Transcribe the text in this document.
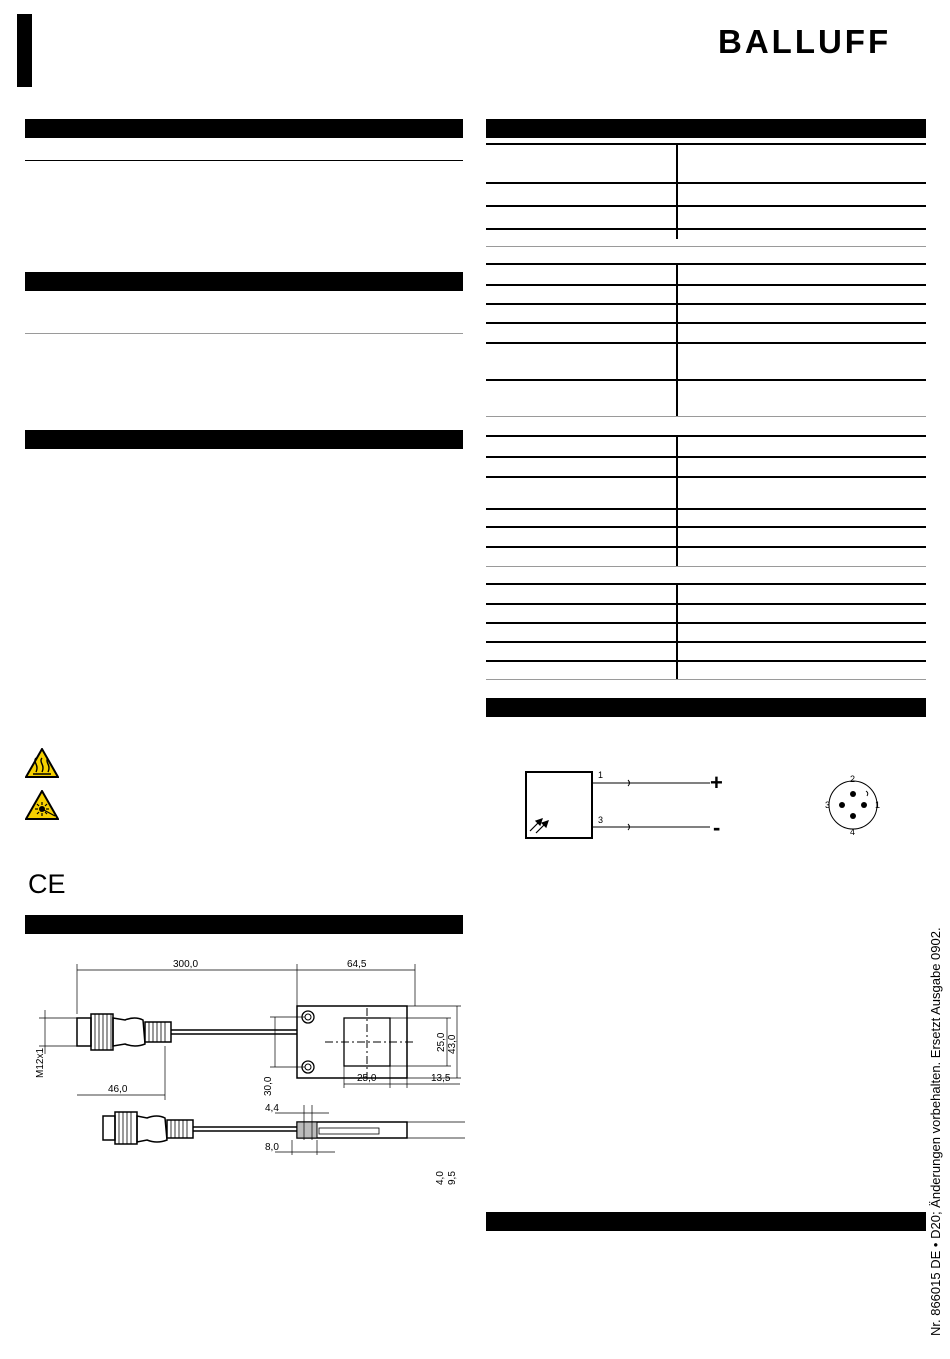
BALLUFF
CE
300,0	64,5
46,0
M12x1
30,0	25,0	13,5
25,0 43,0
4,4
8,0
4,0 9,5
1
3
+
-
2
3	1
4
Nr. 866015 DE • D20; Änderungen vorbehalten. Ersetzt Ausgabe 0902.
